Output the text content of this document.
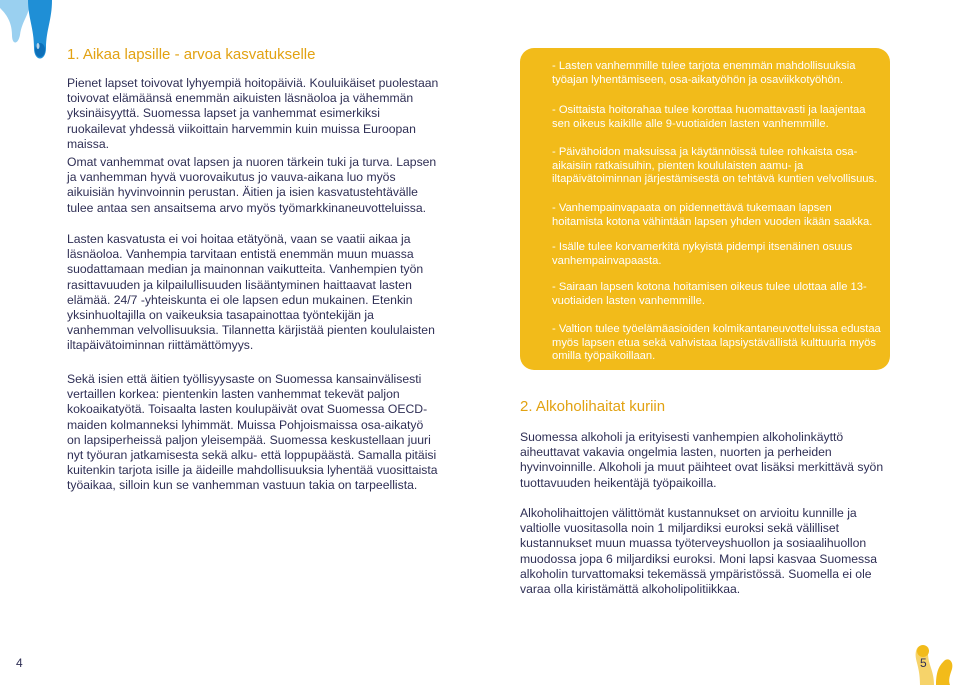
1. Aikaa lapsille - arvoa kasvatukselle

Pienet lapset toivovat lyhyempiä hoitopäiviä. Kouluikäiset puolestaan toivovat elämäänsä enemmän aikuisten läsnäoloa ja vähemmän yksinäisyyttä. Suomessa lapset ja vanhemmat esimerkiksi ruokailevat yhdessä viikoittain harvemmin kuin muissa Euroopan maissa.

Omat vanhemmat ovat lapsen ja nuoren tärkein tuki ja turva. Lapsen ja vanhemman hyvä vuorovaikutus jo vauva-aikana luo myös aikuisiän hyvinvoinnin perustan. Äitien ja isien kasvatustehtävälle tulee antaa sen ansaitsema arvo myös työmarkkinaneuvotteluissa.

Lasten kasvatusta ei voi hoitaa etätyönä, vaan se vaatii aikaa ja läsnäoloa. Vanhempia tarvitaan entistä enemmän muun muassa suodattamaan median ja mainonnan vaikutteita. Vanhempien työn rasittavuuden ja kilpailullisuuden lisääntyminen haittaavat lasten elämää. 24/7 -yhteiskunta ei ole lapsen edun mukainen. Etenkin yksinhuoltajilla on vaikeuksia tasapainottaa työntekijän ja vanhemman velvollisuuksia. Tilannetta kärjistää pienten koululaisten iltapäivätoiminnan riittämättömyys.

Sekä isien että äitien työllisyysaste on Suomessa kansainvälisesti vertaillen korkea: pientenkin lasten vanhemmat tekevät paljon kokoaikatyötä. Toisaalta lasten koulupäivät ovat Suomessa OECD-maiden kolmanneksi lyhimmät. Muissa Pohjoismaissa osa-aikatyö on lapsiperheissä paljon yleisempää. Suomessa keskustellaan juuri nyt työuran jatkamisesta sekä alku- että loppupäästä. Samalla pitäisi kuitenkin tarjota isille ja äideille mahdollisuuksia lyhentää vuosittaista työaikaa, silloin kun se vanhemman vastuun takia on tarpeellista.

- Lasten vanhemmille tulee tarjota enemmän mahdollisuuksia työajan lyhentämiseen, osa-aikatyöhön ja osaviikkotyöhön.

- Osittaista hoitorahaa tulee korottaa huomattavasti ja laajentaa sen oikeus kaikille alle 9-vuotiaiden lasten vanhemmille.

- Päivähoidon maksuissa ja käytännöissä tulee rohkaista osa-aikaisiin ratkaisuihin, pienten koululaisten aamu- ja iltapäivätoiminnan järjestämisestä on tehtävä kuntien velvollisuus.

- Vanhempainvapaata on pidennettävä tukemaan lapsen hoitamista kotona vähintään lapsen yhden vuoden ikään saakka.

- Isälle tulee korvamerkitä nykyistä pidempi itsenäinen osuus vanhempainvapaasta.

- Sairaan lapsen kotona hoitamisen oikeus tulee ulottaa alle 13-vuotiaiden lasten vanhemmille.

- Valtion tulee työelämäasioiden kolmikantaneuvotteluissa edustaa myös lapsen etua sekä vahvistaa lapsiystävällistä kulttuuria myös omilla työpaikoillaan.

2. Alkoholihaitat kuriin

Suomessa alkoholi ja erityisesti vanhempien alkoholinkäyttö aiheuttavat vakavia ongelmia lasten, nuorten ja perheiden hyvinvoinnille. Alkoholi ja muut päihteet ovat lisäksi merkittävä syön tuottavuuden heikentäjä työpaikoilla.

Alkoholihaittojen välittömät kustannukset on arvioitu kunnille ja valtiolle vuositasolla noin 1 miljardiksi euroksi sekä välilliset kustannukset muun muassa työterveyshuollon ja sosiaalihuollon muodossa jopa 6 miljardiksi euroksi. Moni lapsi kasvaa Suomessa alkoholin turvattomaksi tekemässä ympäristössä. Suomella ei ole varaa olla kiristämättä alkoholipolitiikkaa.

4	5
